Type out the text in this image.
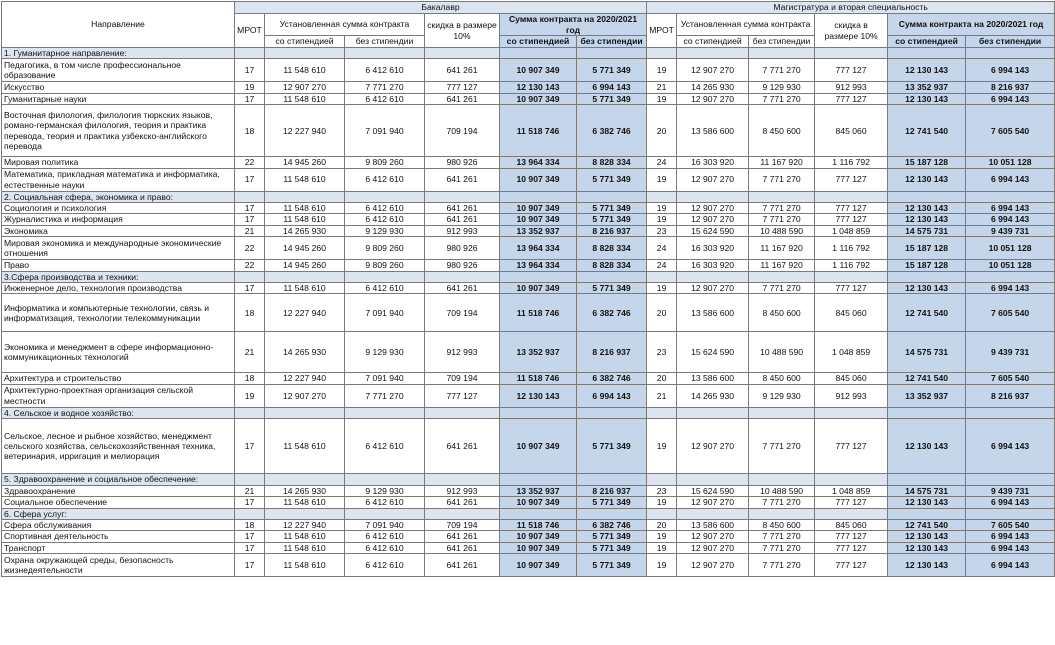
Направление	Бакалавр						Магистратура и вторая специальность					
	МРОТ	Установленная сумма контракта		скидка в размере 10%	Сумма контракта на 2020/2021 год		МРОТ	Установленная сумма контракта		скидка в размере 10%	Сумма контракта на 2020/2021 год	
		со стипендией	без стипендии		со стипендией	без стипендии		со стипендией	без стипендии		со стипендией	без стипендии
1. Гуманитарное направление:												
Педагогика, в том числе профессиональное образование	17	11 548 610	6 412 610	641 261	10 907 349	5 771 349	19	12 907 270	7 771 270	777 127	12 130 143	6 994 143
Искусство	19	12 907 270	7 771 270	777 127	12 130 143	6 994 143	21	14 265 930	9 129 930	912 993	13 352 937	8 216 937
Гуманитарные науки	17	11 548 610	6 412 610	641 261	10 907 349	5 771 349	19	12 907 270	7 771 270	777 127	12 130 143	6 994 143
Восточная филология, филология тюркских языков, романо-германская филология, теория и практика перевода, теория и практика узбекско-английского перевода	18	12 227 940	7 091 940	709 194	11 518 746	6 382 746	20	13 586 600	8 450 600	845 060	12 741 540	7 605 540
Мировая политика	22	14 945 260	9 809 260	980 926	13 964 334	8 828 334	24	16 303 920	11 167 920	1 116 792	15 187 128	10 051 128
Математика, прикладная математика и информатика, естественные науки	17	11 548 610	6 412 610	641 261	10 907 349	5 771 349	19	12 907 270	7 771 270	777 127	12 130 143	6 994 143
2. Социальная сфера, экономика и право:												
Социология и психология	17	11 548 610	6 412 610	641 261	10 907 349	5 771 349	19	12 907 270	7 771 270	777 127	12 130 143	6 994 143
Журналистика и информация	17	11 548 610	6 412 610	641 261	10 907 349	5 771 349	19	12 907 270	7 771 270	777 127	12 130 143	6 994 143
Экономика	21	14 265 930	9 129 930	912 993	13 352 937	8 216 937	23	15 624 590	10 488 590	1 048 859	14 575 731	9 439 731
Мировая экономика и международные экономические отношения	22	14 945 260	9 809 260	980 926	13 964 334	8 828 334	24	16 303 920	11 167 920	1 116 792	15 187 128	10 051 128
Право	22	14 945 260	9 809 260	980 926	13 964 334	8 828 334	24	16 303 920	11 167 920	1 116 792	15 187 128	10 051 128
3.Сфера производства и техники:												
Инженерное дело, технология производства	17	11 548 610	6 412 610	641 261	10 907 349	5 771 349	19	12 907 270	7 771 270	777 127	12 130 143	6 994 143
Информатика и компьютерные технологии, связь и информатизация, технологии телекоммуникации	18	12 227 940	7 091 940	709 194	11 518 746	6 382 746	20	13 586 600	8 450 600	845 060	12 741 540	7 605 540
Экономика и менеджмент в сфере информационно-коммуникационных технологий	21	14 265 930	9 129 930	912 993	13 352 937	8 216 937	23	15 624 590	10 488 590	1 048 859	14 575 731	9 439 731
Архитектура и строительство	18	12 227 940	7 091 940	709 194	11 518 746	6 382 746	20	13 586 600	8 450 600	845 060	12 741 540	7 605 540
Архитектурно-проектная организация сельской местности	19	12 907 270	7 771 270	777 127	12 130 143	6 994 143	21	14 265 930	9 129 930	912 993	13 352 937	8 216 937
4. Сельское и водное хозяйство:												
Сельское, лесное и рыбное хозяйство, менеджмент сельского хозяйства, сельскохозяйственная техника, ветеринария, ирригация и мелиорация	17	11 548 610	6 412 610	641 261	10 907 349	5 771 349	19	12 907 270	7 771 270	777 127	12 130 143	6 994 143
5. Здравоохранение и социальное обеспечение:												
Здравоохранение	21	14 265 930	9 129 930	912 993	13 352 937	8 216 937	23	15 624 590	10 488 590	1 048 859	14 575 731	9 439 731
Социальное обеспечение	17	11 548 610	6 412 610	641 261	10 907 349	5 771 349	19	12 907 270	7 771 270	777 127	12 130 143	6 994 143
6. Сфера услуг:												
Сфера обслуживания	18	12 227 940	7 091 940	709 194	11 518 746	6 382 746	20	13 586 600	8 450 600	845 060	12 741 540	7 605 540
Спортивная деятельность	17	11 548 610	6 412 610	641 261	10 907 349	5 771 349	19	12 907 270	7 771 270	777 127	12 130 143	6 994 143
Транспорт	17	11 548 610	6 412 610	641 261	10 907 349	5 771 349	19	12 907 270	7 771 270	777 127	12 130 143	6 994 143
Охрана окружающей среды, безопасность жизнедеятельности	17	11 548 610	6 412 610	641 261	10 907 349	5 771 349	19	12 907 270	7 771 270	777 127	12 130 143	6 994 143
